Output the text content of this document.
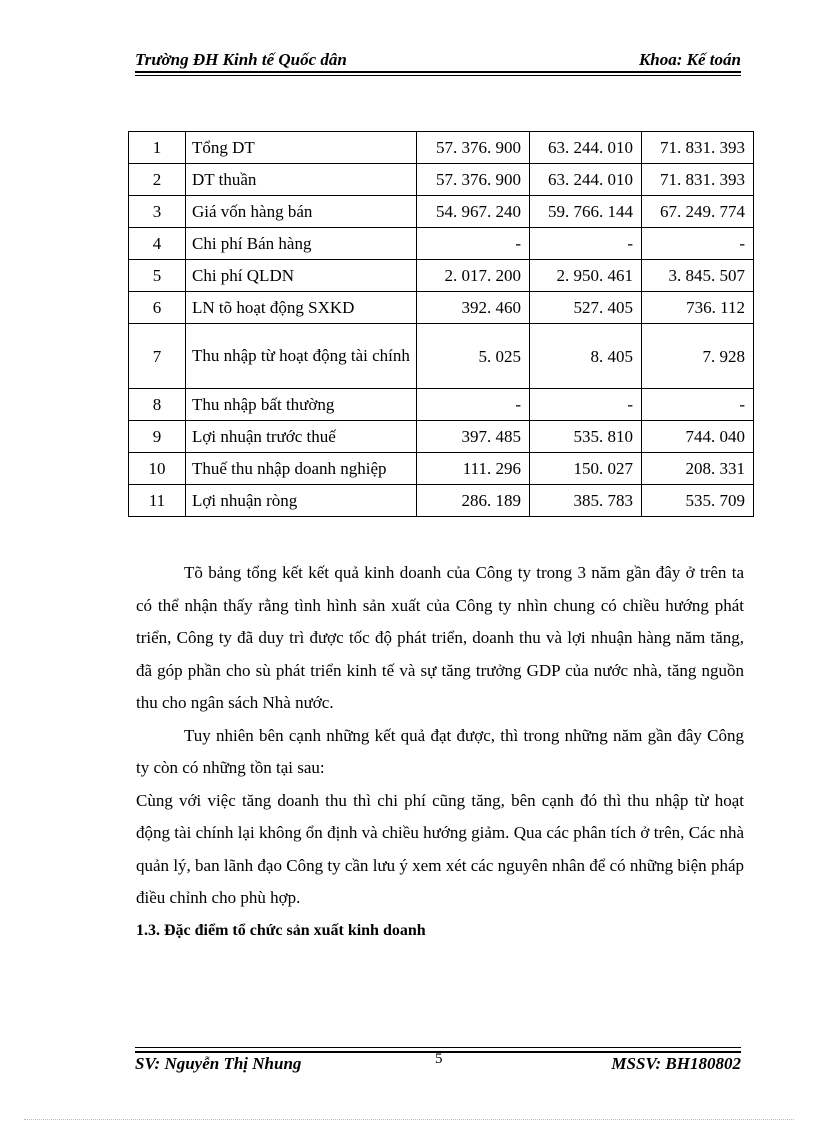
Trường ĐH Kinh tế Quốc dân	Khoa: Kế toán
1	Tổng DT	57. 376. 900	63. 244. 010	71. 831. 393
2	DT thuần	57. 376. 900	63. 244. 010	71. 831. 393
3	Giá vốn hàng bán	54. 967. 240	59. 766. 144	67. 249. 774
4	Chi phí Bán hàng	-	-	-
5	Chi phí QLDN	2. 017. 200	2. 950. 461	3. 845. 507
6	LN tõ hoạt động SXKD	392. 460	527. 405	736. 112
7	Thu nhập từ hoạt động tài chính	5. 025	8. 405	7. 928
8	Thu nhập bất thường	-	-	-
9	Lợi nhuận trước thuế	397. 485	535. 810	744. 040
10	Thuế thu nhập doanh nghiệp	111. 296	150. 027	208. 331
11	Lợi nhuận ròng	286. 189	385. 783	535. 709

Tõ bảng tổng kết kết quả kinh doanh của Công ty trong 3 năm gần đây ở trên ta có thể nhận thấy rằng tình hình sản xuất của Công ty nhìn chung có chiều hướng phát triển, Công ty đã duy trì được tốc độ phát triển, doanh thu và lợi nhuận hàng năm tăng, đã góp phần cho sù phát triển kinh tế và sự tăng trưởng GDP của nước nhà, tăng nguồn thu cho ngân sách Nhà nước.

Tuy nhiên bên cạnh những kết quả đạt được, thì trong những năm gần đây Công ty còn có những tồn tại sau:

Cùng với việc tăng doanh thu thì chi phí cũng tăng, bên cạnh đó thì thu nhập từ hoạt động tài chính lại không ổn định và chiều hướng giảm. Qua các phân tích ở trên, Các nhà quản lý, ban lãnh đạo Công ty cần lưu ý xem xét các nguyên nhân để có những biện pháp điều chỉnh cho phù hợp.

1.3. Đặc điểm tổ chức sản xuất kinh doanh

SV: Nguyễn Thị Nhung	5	MSSV: BH180802
